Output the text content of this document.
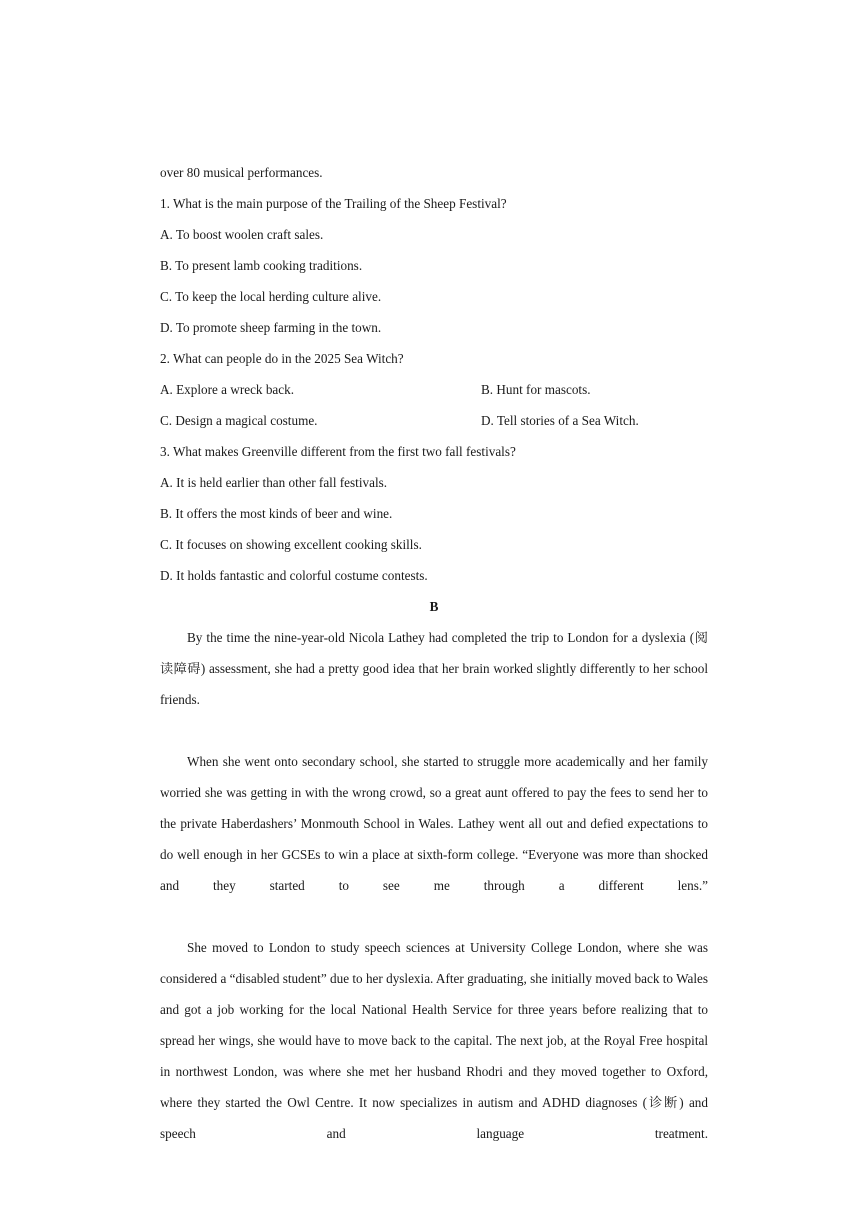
over 80 musical performances.
1. What is the main purpose of the Trailing of the Sheep Festival?
A. To boost woolen craft sales.
B. To present lamb cooking traditions.
C. To keep the local herding culture alive.
D. To promote sheep farming in the town.
2. What can people do in the 2025 Sea Witch?
A. Explore a wreck back.	B. Hunt for mascots.
C. Design a magical costume.	D. Tell stories of a Sea Witch.
3. What makes Greenville different from the first two fall festivals?
A. It is held earlier than other fall festivals.
B. It offers the most kinds of beer and wine.
C. It focuses on showing excellent cooking skills.
D. It holds fantastic and colorful costume contests.
B

By the time the nine-year-old Nicola Lathey had completed the trip to London for a dyslexia (阅读障碍) assessment, she had a pretty good idea that her brain worked slightly differently to her school friends.

When she went onto secondary school, she started to struggle more academically and her family worried she was getting in with the wrong crowd, so a great aunt offered to pay the fees to send her to the private Haberdashers’ Monmouth School in Wales. Lathey went all out and defied expectations to do well enough in her GCSEs to win a place at sixth-form college. “Everyone was more than shocked and they started to see me through a different lens.”

She moved to London to study speech sciences at University College London, where she was considered a “disabled student” due to her dyslexia. After graduating, she initially moved back to Wales and got a job working for the local National Health Service for three years before realizing that to spread her wings, she would have to move back to the capital. The next job, at the Royal Free hospital in northwest London, was where she met her husband Rhodri and they moved together to Oxford, where they started the Owl Centre. It now specializes in autism and ADHD diagnoses (诊断) and speech and language treatment.
